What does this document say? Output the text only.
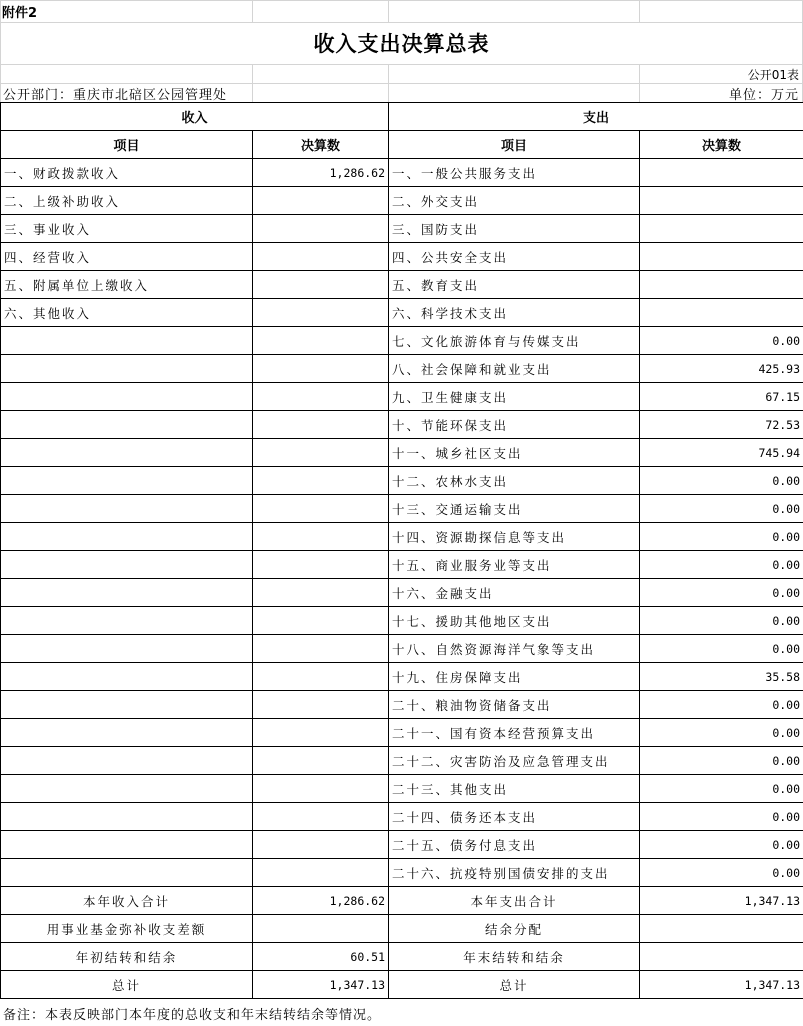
附件2
收入支出决算总表
公开01表
公开部门：重庆市北碚区公园管理处	单位：万元
收入		支出	
项目	决算数	项目	决算数
一、财政拨款收入	1,286.62	一、一般公共服务支出	
二、上级补助收入		二、外交支出	
三、事业收入		三、国防支出	
四、经营收入		四、公共安全支出	
五、附属单位上缴收入		五、教育支出	
六、其他收入		六、科学技术支出	
		七、文化旅游体育与传媒支出	0.00
		八、社会保障和就业支出	425.93
		九、卫生健康支出	67.15
		十、节能环保支出	72.53
		十一、城乡社区支出	745.94
		十二、农林水支出	0.00
		十三、交通运输支出	0.00
		十四、资源勘探信息等支出	0.00
		十五、商业服务业等支出	0.00
		十六、金融支出	0.00
		十七、援助其他地区支出	0.00
		十八、自然资源海洋气象等支出	0.00
		十九、住房保障支出	35.58
		二十、粮油物资储备支出	0.00
		二十一、国有资本经营预算支出	0.00
		二十二、灾害防治及应急管理支出	0.00
		二十三、其他支出	0.00
		二十四、债务还本支出	0.00
		二十五、债务付息支出	0.00
		二十六、抗疫特别国债安排的支出	0.00
本年收入合计	1,286.62	本年支出合计	1,347.13
用事业基金弥补收支差额		结余分配	
年初结转和结余	60.51	年末结转和结余	
总计	1,347.13	总计	1,347.13
备注：本表反映部门本年度的总收支和年末结转结余等情况。
